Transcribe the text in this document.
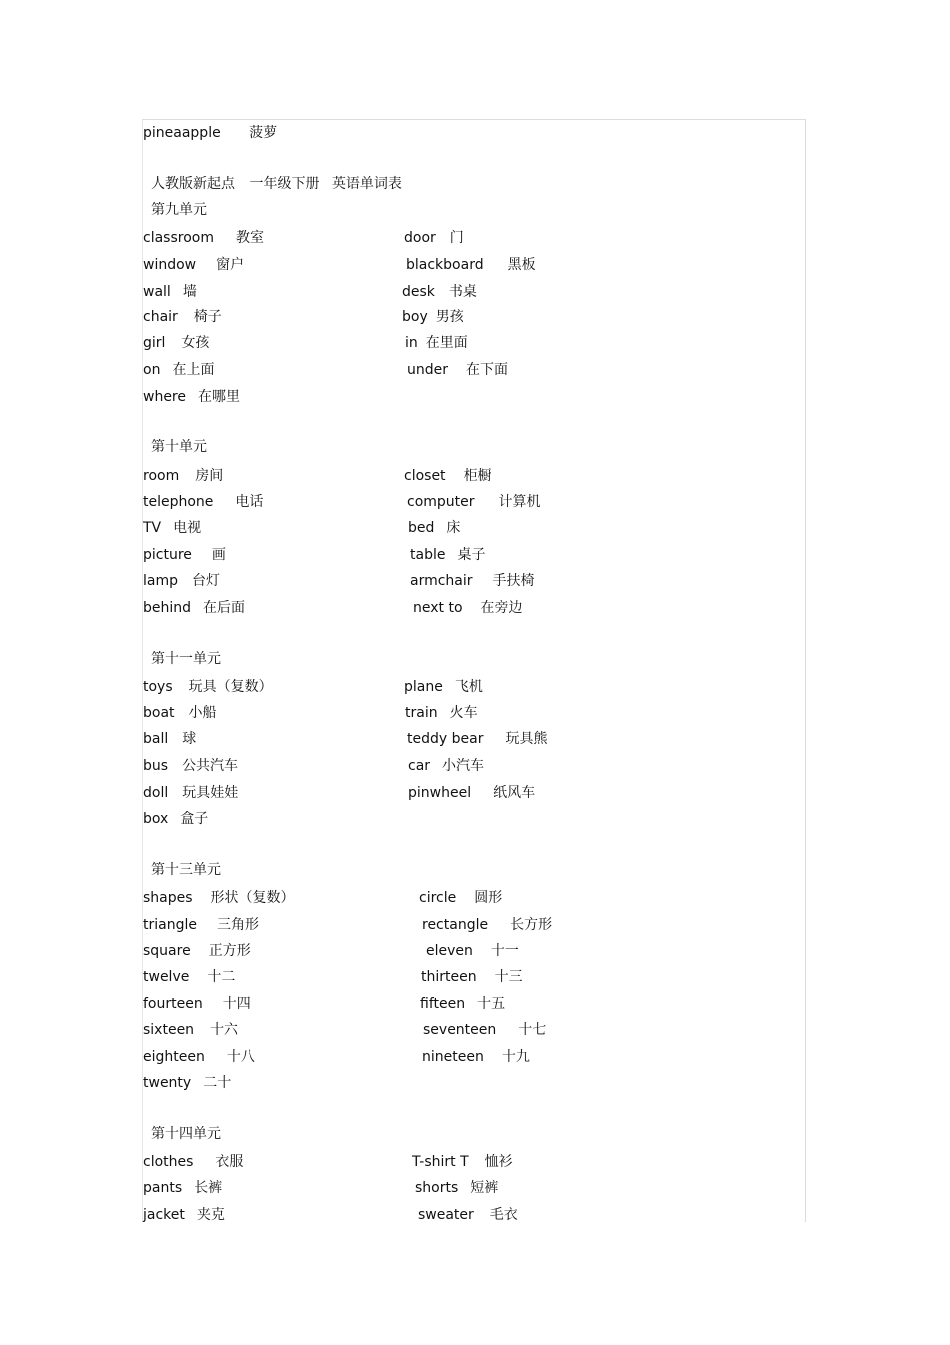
pineaapple 菠萝
人教版新起点 一年级下册 英语单词表
第九单元
classroom 教室
window 窗户
wall 墙
chair 椅子
girl 女孩
on 在上面
where 在哪里
door 门
blackboard 黑板
desk 书桌
boy 男孩
in 在里面
under 在下面
第十单元
room 房间
telephone 电话
TV 电视
picture 画
lamp 台灯
behind 在后面
closet 柜橱
computer 计算机
bed 床
table 桌子
armchair 手扶椅
next to 在旁边
第十一单元
toys 玩具（复数）
boat 小船
ball 球
bus 公共汽车
doll 玩具娃娃
box 盒子
plane 飞机
train 火车
teddy bear 玩具熊
car 小汽车
pinwheel 纸风车
第十三单元
shapes 形状（复数）
triangle 三角形
square 正方形
twelve 十二
fourteen 十四
sixteen 十六
eighteen 十八
twenty 二十
circle 圆形
rectangle 长方形
eleven 十一
thirteen 十三
fifteen 十五
seventeen 十七
nineteen 十九
第十四单元
clothes 衣服
pants 长裤
jacket 夹克
T-shirt T 恤衫
shorts 短裤
sweater 毛衣
